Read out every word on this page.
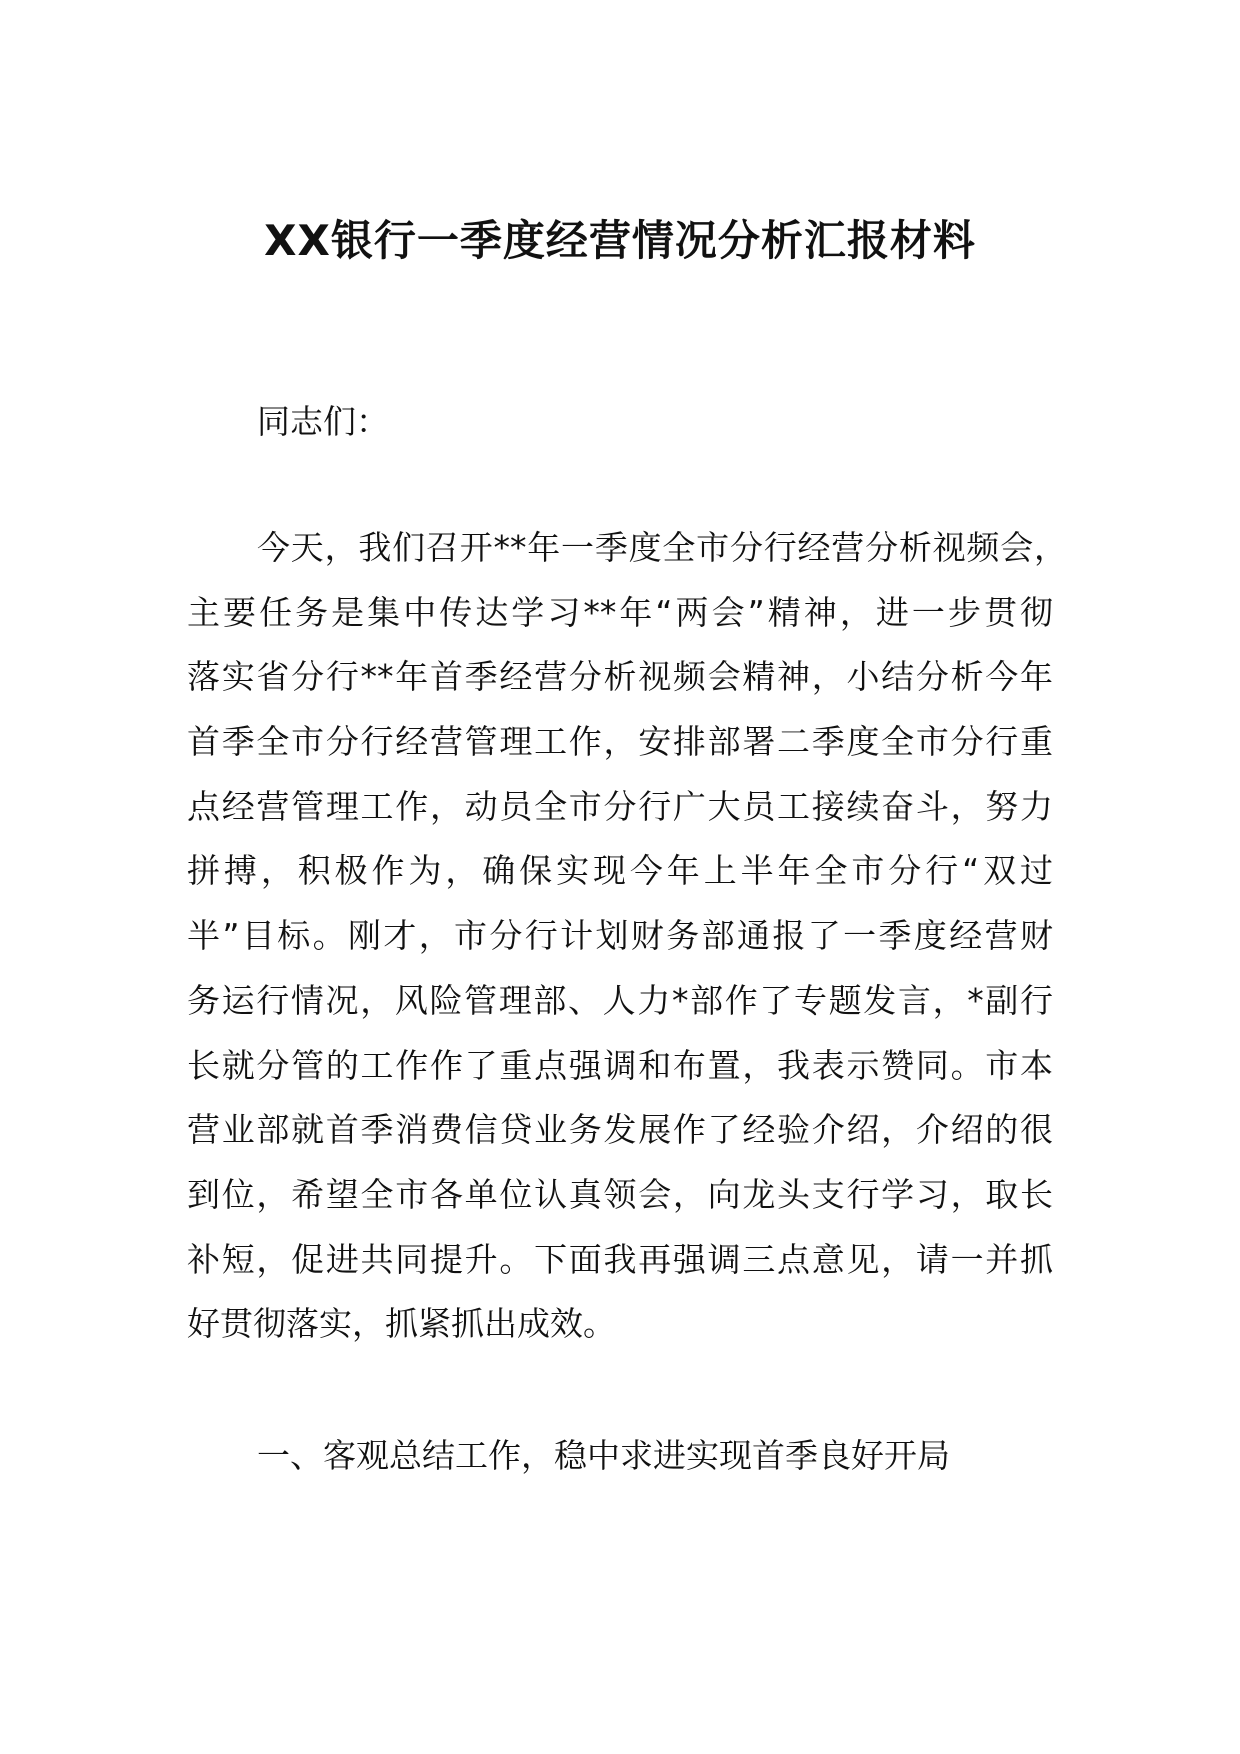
XX银行一季度经营情况分析汇报材料
同志们：
今天，我们召开**年一季度全市分行经营分析视频会，
主要任务是集中传达学习**年“两会”精神，进一步贯彻
落实省分行**年首季经营分析视频会精神，小结分析今年
首季全市分行经营管理工作，安排部署二季度全市分行重
点经营管理工作，动员全市分行广大员工接续奋斗，努力
拼搏，积极作为，确保实现今年上半年全市分行“双过
半”目标。刚才，市分行计划财务部通报了一季度经营财
务运行情况，风险管理部、人力*部作了专题发言，*副行
长就分管的工作作了重点强调和布置，我表示赞同。市本
营业部就首季消费信贷业务发展作了经验介绍，介绍的很
到位，希望全市各单位认真领会，向龙头支行学习，取长
补短，促进共同提升。下面我再强调三点意见，请一并抓
好贯彻落实，抓紧抓出成效。
一、客观总结工作，稳中求进实现首季良好开局
